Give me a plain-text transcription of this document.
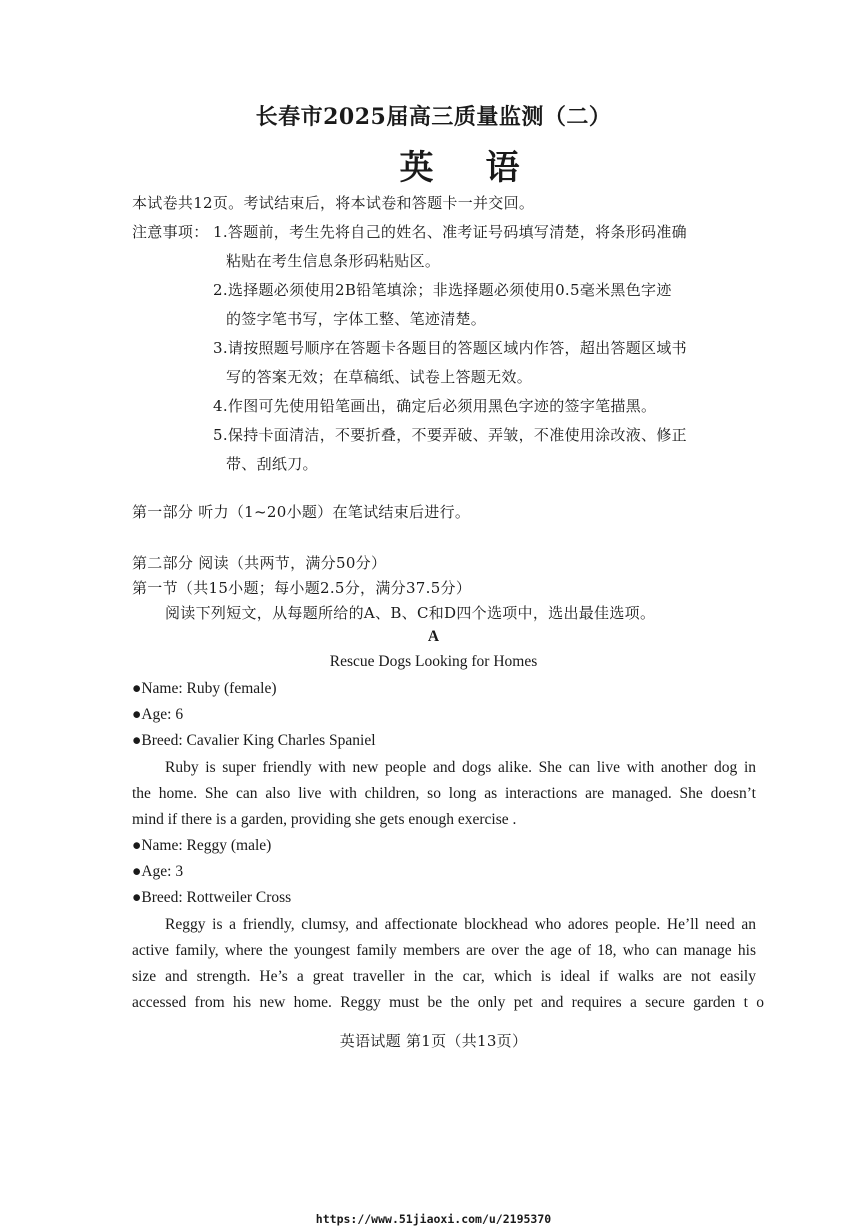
长春市2025届高三质量监测（二）
英语
本试卷共12页。考试结束后，将本试卷和答题卡一并交回。
注意事项： 1.答题前，考生先将自己的姓名、准考证号码填写清楚，将条形码准确
粘贴在考生信息条形码粘贴区。
2.选择题必须使用2B铅笔填涂；非选择题必须使用0.5毫米黑色字迹
的签字笔书写，字体工整、笔迹清楚。
3.请按照题号顺序在答题卡各题目的答题区域内作答，超出答题区域书
写的答案无效；在草稿纸、试卷上答题无效。
4.作图可先使用铅笔画出，确定后必须用黑色字迹的签字笔描黑。
5.保持卡面清洁，不要折叠，不要弄破、弄皱，不准使用涂改液、修正
带、刮纸刀。
第一部分 听力（1~20小题）在笔试结束后进行。
第二部分 阅读（共两节，满分50分）
第一节（共15小题；每小题2.5分，满分37.5分）
阅读下列短文，从每题所给的A、B、C和D四个选项中，选出最佳选项。
A
Rescue Dogs Looking for Homes
●Name: Ruby (female)
●Age: 6
●Breed: Cavalier King Charles Spaniel
Ruby is super friendly with new people and dogs alike. She can live with another dog in
the home. She can also live with children, so long as interactions are managed. She doesn’t
mind if there is a garden, providing she gets enough exercise .
●Name: Reggy (male)
●Age: 3
●Breed: Rottweiler Cross
Reggy is a friendly, clumsy, and affectionate blockhead who adores people. He’ll need an
active family, where the youngest family members are over the age of 18, who can manage his
size and strength. He’s a great traveller in the car, which is ideal if walks are not easily
accessed from his new home. Reggy must be the only pet and requires a secure garden t o
英语试题 第1页（共13页）
https://www.51jiaoxi.com/u/2195370
